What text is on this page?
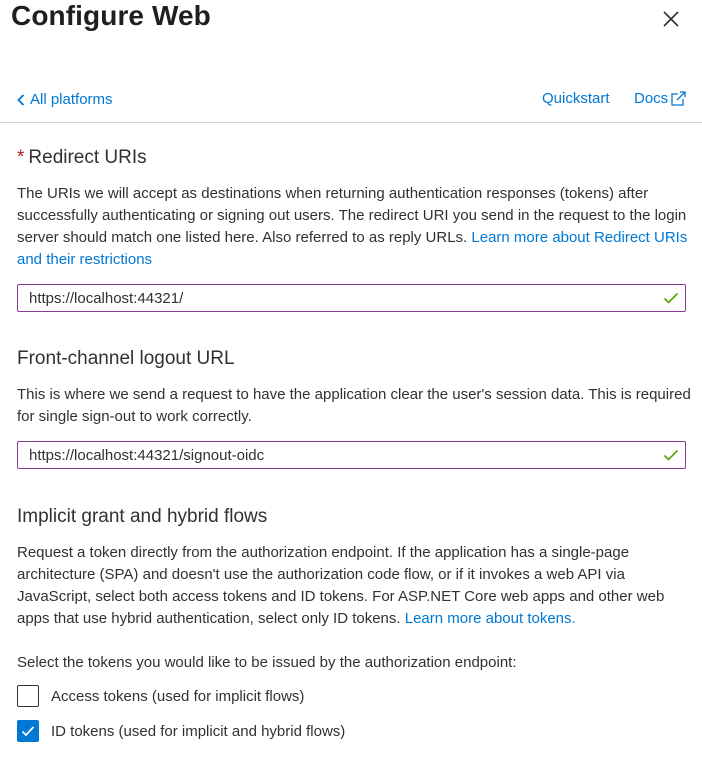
Configure Web
All platforms	Quickstart Docs
* Redirect URIs
The URIs we will accept as destinations when returning authentication responses (tokens) after successfully authenticating or signing out users. The redirect URI you send in the request to the login server should match one listed here. Also referred to as reply URLs. Learn more about Redirect URIs and their restrictions
https://localhost:44321/
Front-channel logout URL
This is where we send a request to have the application clear the user's session data. This is required for single sign-out to work correctly.
https://localhost:44321/signout-oidc
Implicit grant and hybrid flows
Request a token directly from the authorization endpoint. If the application has a single-page architecture (SPA) and doesn't use the authorization code flow, or if it invokes a web API via JavaScript, select both access tokens and ID tokens. For ASP.NET Core web apps and other web apps that use hybrid authentication, select only ID tokens. Learn more about tokens.
Select the tokens you would like to be issued by the authorization endpoint:
Access tokens (used for implicit flows)
ID tokens (used for implicit and hybrid flows)
